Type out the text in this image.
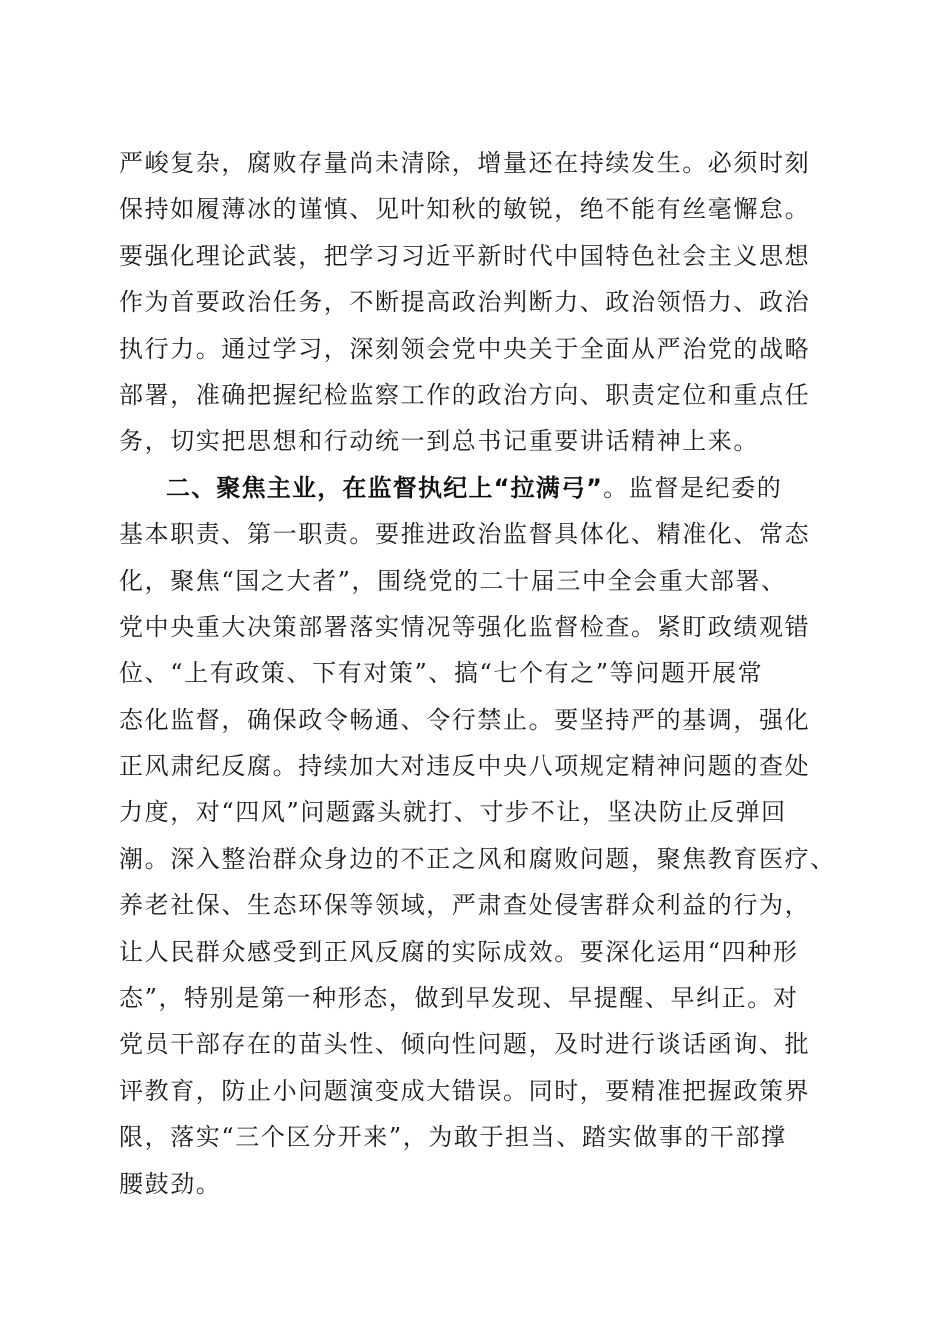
严峻复杂，腐败存量尚未清除，增量还在持续发生。必须时刻
保持如履薄冰的谨慎、见叶知秋的敏锐，绝不能有丝毫懈怠。
要强化理论武装，把学习习近平新时代中国特色社会主义思想
作为首要政治任务，不断提高政治判断力、政治领悟力、政治
执行力。通过学习，深刻领会党中央关于全面从严治党的战略
部署，准确把握纪检监察工作的政治方向、职责定位和重点任
务，切实把思想和行动统一到总书记重要讲话精神上来。
二、聚焦主业，在监督执纪上“拉满弓”。监督是纪委的
基本职责、第一职责。要推进政治监督具体化、精准化、常态
化，聚焦“国之大者”，围绕党的二十届三中全会重大部署、
党中央重大决策部署落实情况等强化监督检查。紧盯政绩观错
位、“上有政策、下有对策”、搞“七个有之”等问题开展常
态化监督，确保政令畅通、令行禁止。要坚持严的基调，强化
正风肃纪反腐。持续加大对违反中央八项规定精神问题的查处
力度，对“四风”问题露头就打、寸步不让，坚决防止反弹回
潮。深入整治群众身边的不正之风和腐败问题，聚焦教育医疗、
养老社保、生态环保等领域，严肃查处侵害群众利益的行为，
让人民群众感受到正风反腐的实际成效。要深化运用“四种形
态”，特别是第一种形态，做到早发现、早提醒、早纠正。对
党员干部存在的苗头性、倾向性问题，及时进行谈话函询、批
评教育，防止小问题演变成大错误。同时，要精准把握政策界
限，落实“三个区分开来”，为敢于担当、踏实做事的干部撑
腰鼓劲。
